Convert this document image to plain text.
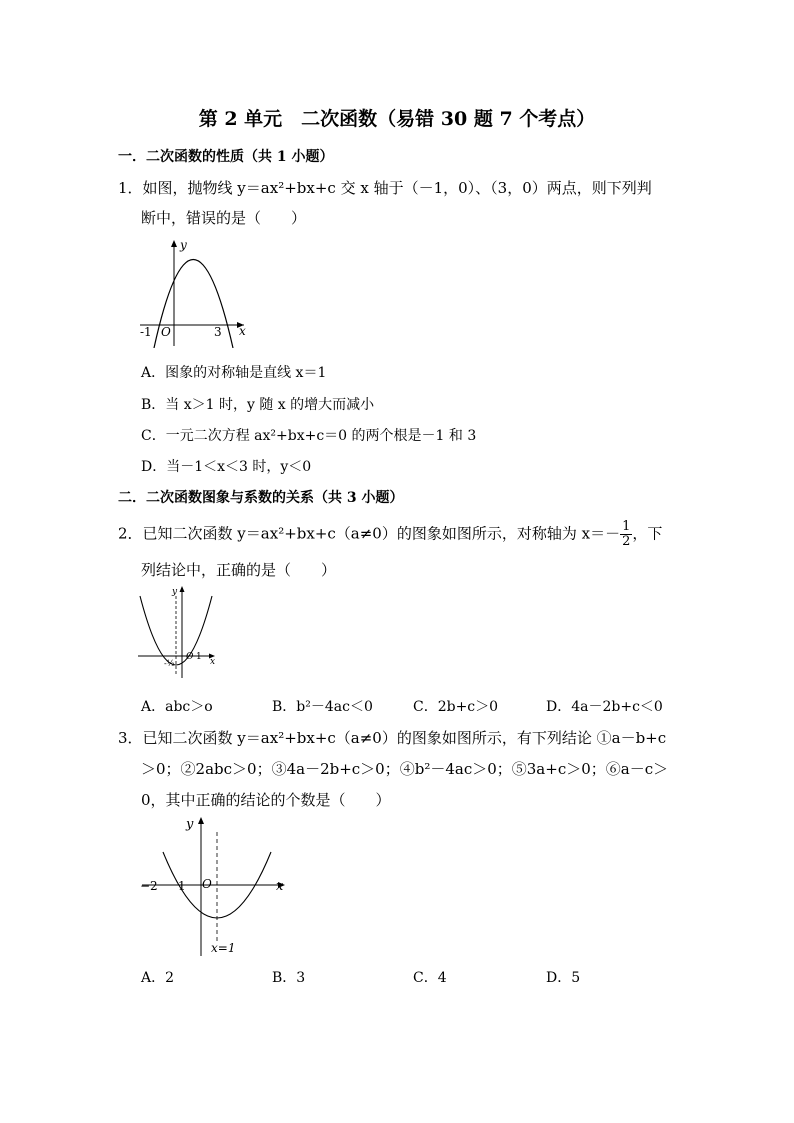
第 2 单元　二次函数（易错 30 题 7 个考点）
一．二次函数的性质（共 1 小题）
1．如图，抛物线 y＝ax²+bx+c 交 x 轴于（－1，0）、（3，0）两点，则下列判
断中，错误的是（　　）
y
x
O
-1	3
A．图象的对称轴是直线 x＝1
B．当 x＞1 时，y 随 x 的增大而减小
C．一元二次方程 ax²+bx+c＝0 的两个根是－1 和 3
D．当－1＜x＜3 时，y＜0
二．二次函数图象与系数的关系（共 3 小题）
2．已知二次函数 y＝ax²+bx+c（a≠0）的图象如图所示，对称轴为 $x=- \frac{1}{2}$ ，下
列结论中，正确的是（　　）
y
x
O 1
-½
A．abc＞o	B．b²－4ac＜0	C．2b+c＞0	D．4a－2b+c＜0
3．已知二次函数 y＝ax²+bx+c（a≠0）的图象如图所示，有下列结论 ①a－b+c
＞0；②2abc＞0；③4a－2b+c＞0；④b²－4ac＞0；⑤3a+c＞0；⑥a－c＞
0，其中正确的结论的个数是（　　）
y
x
O
−2 1
x=1
A．2	B．3	C．4	D．5
